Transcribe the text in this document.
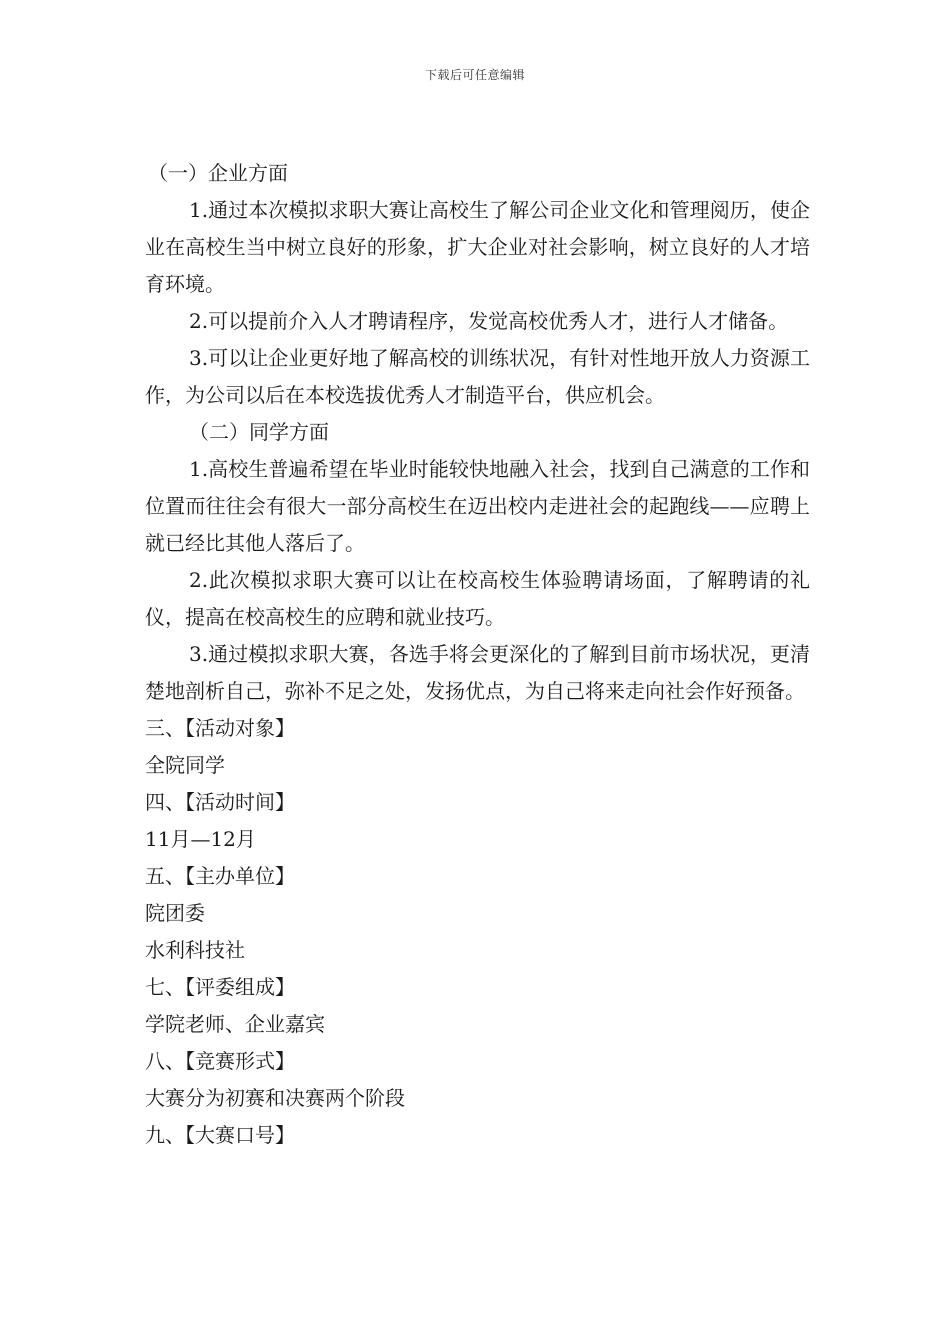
下载后可任意编辑

（一）企业方面

1.通过本次模拟求职大赛让高校生了解公司企业文化和管理阅历，使企业在高校生当中树立良好的形象，扩大企业对社会影响，树立良好的人才培育环境。

2.可以提前介入人才聘请程序，发觉高校优秀人才，进行人才储备。

3.可以让企业更好地了解高校的训练状况，有针对性地开放人力资源工作，为公司以后在本校选拔优秀人才制造平台，供应机会。

（二）同学方面

1.高校生普遍希望在毕业时能较快地融入社会，找到自己满意的工作和位置而往往会有很大一部分高校生在迈出校内走进社会的起跑线——应聘上就已经比其他人落后了。

2.此次模拟求职大赛可以让在校高校生体验聘请场面，了解聘请的礼仪，提高在校高校生的应聘和就业技巧。

3.通过模拟求职大赛，各选手将会更深化的了解到目前市场状况，更清楚地剖析自己，弥补不足之处，发扬优点，为自己将来走向社会作好预备。

三、【活动对象】

全院同学

四、【活动时间】

11月—12月

五、【主办单位】

院团委

水利科技社

七、【评委组成】

学院老师、企业嘉宾

八、【竞赛形式】

大赛分为初赛和决赛两个阶段

九、【大赛口号】
